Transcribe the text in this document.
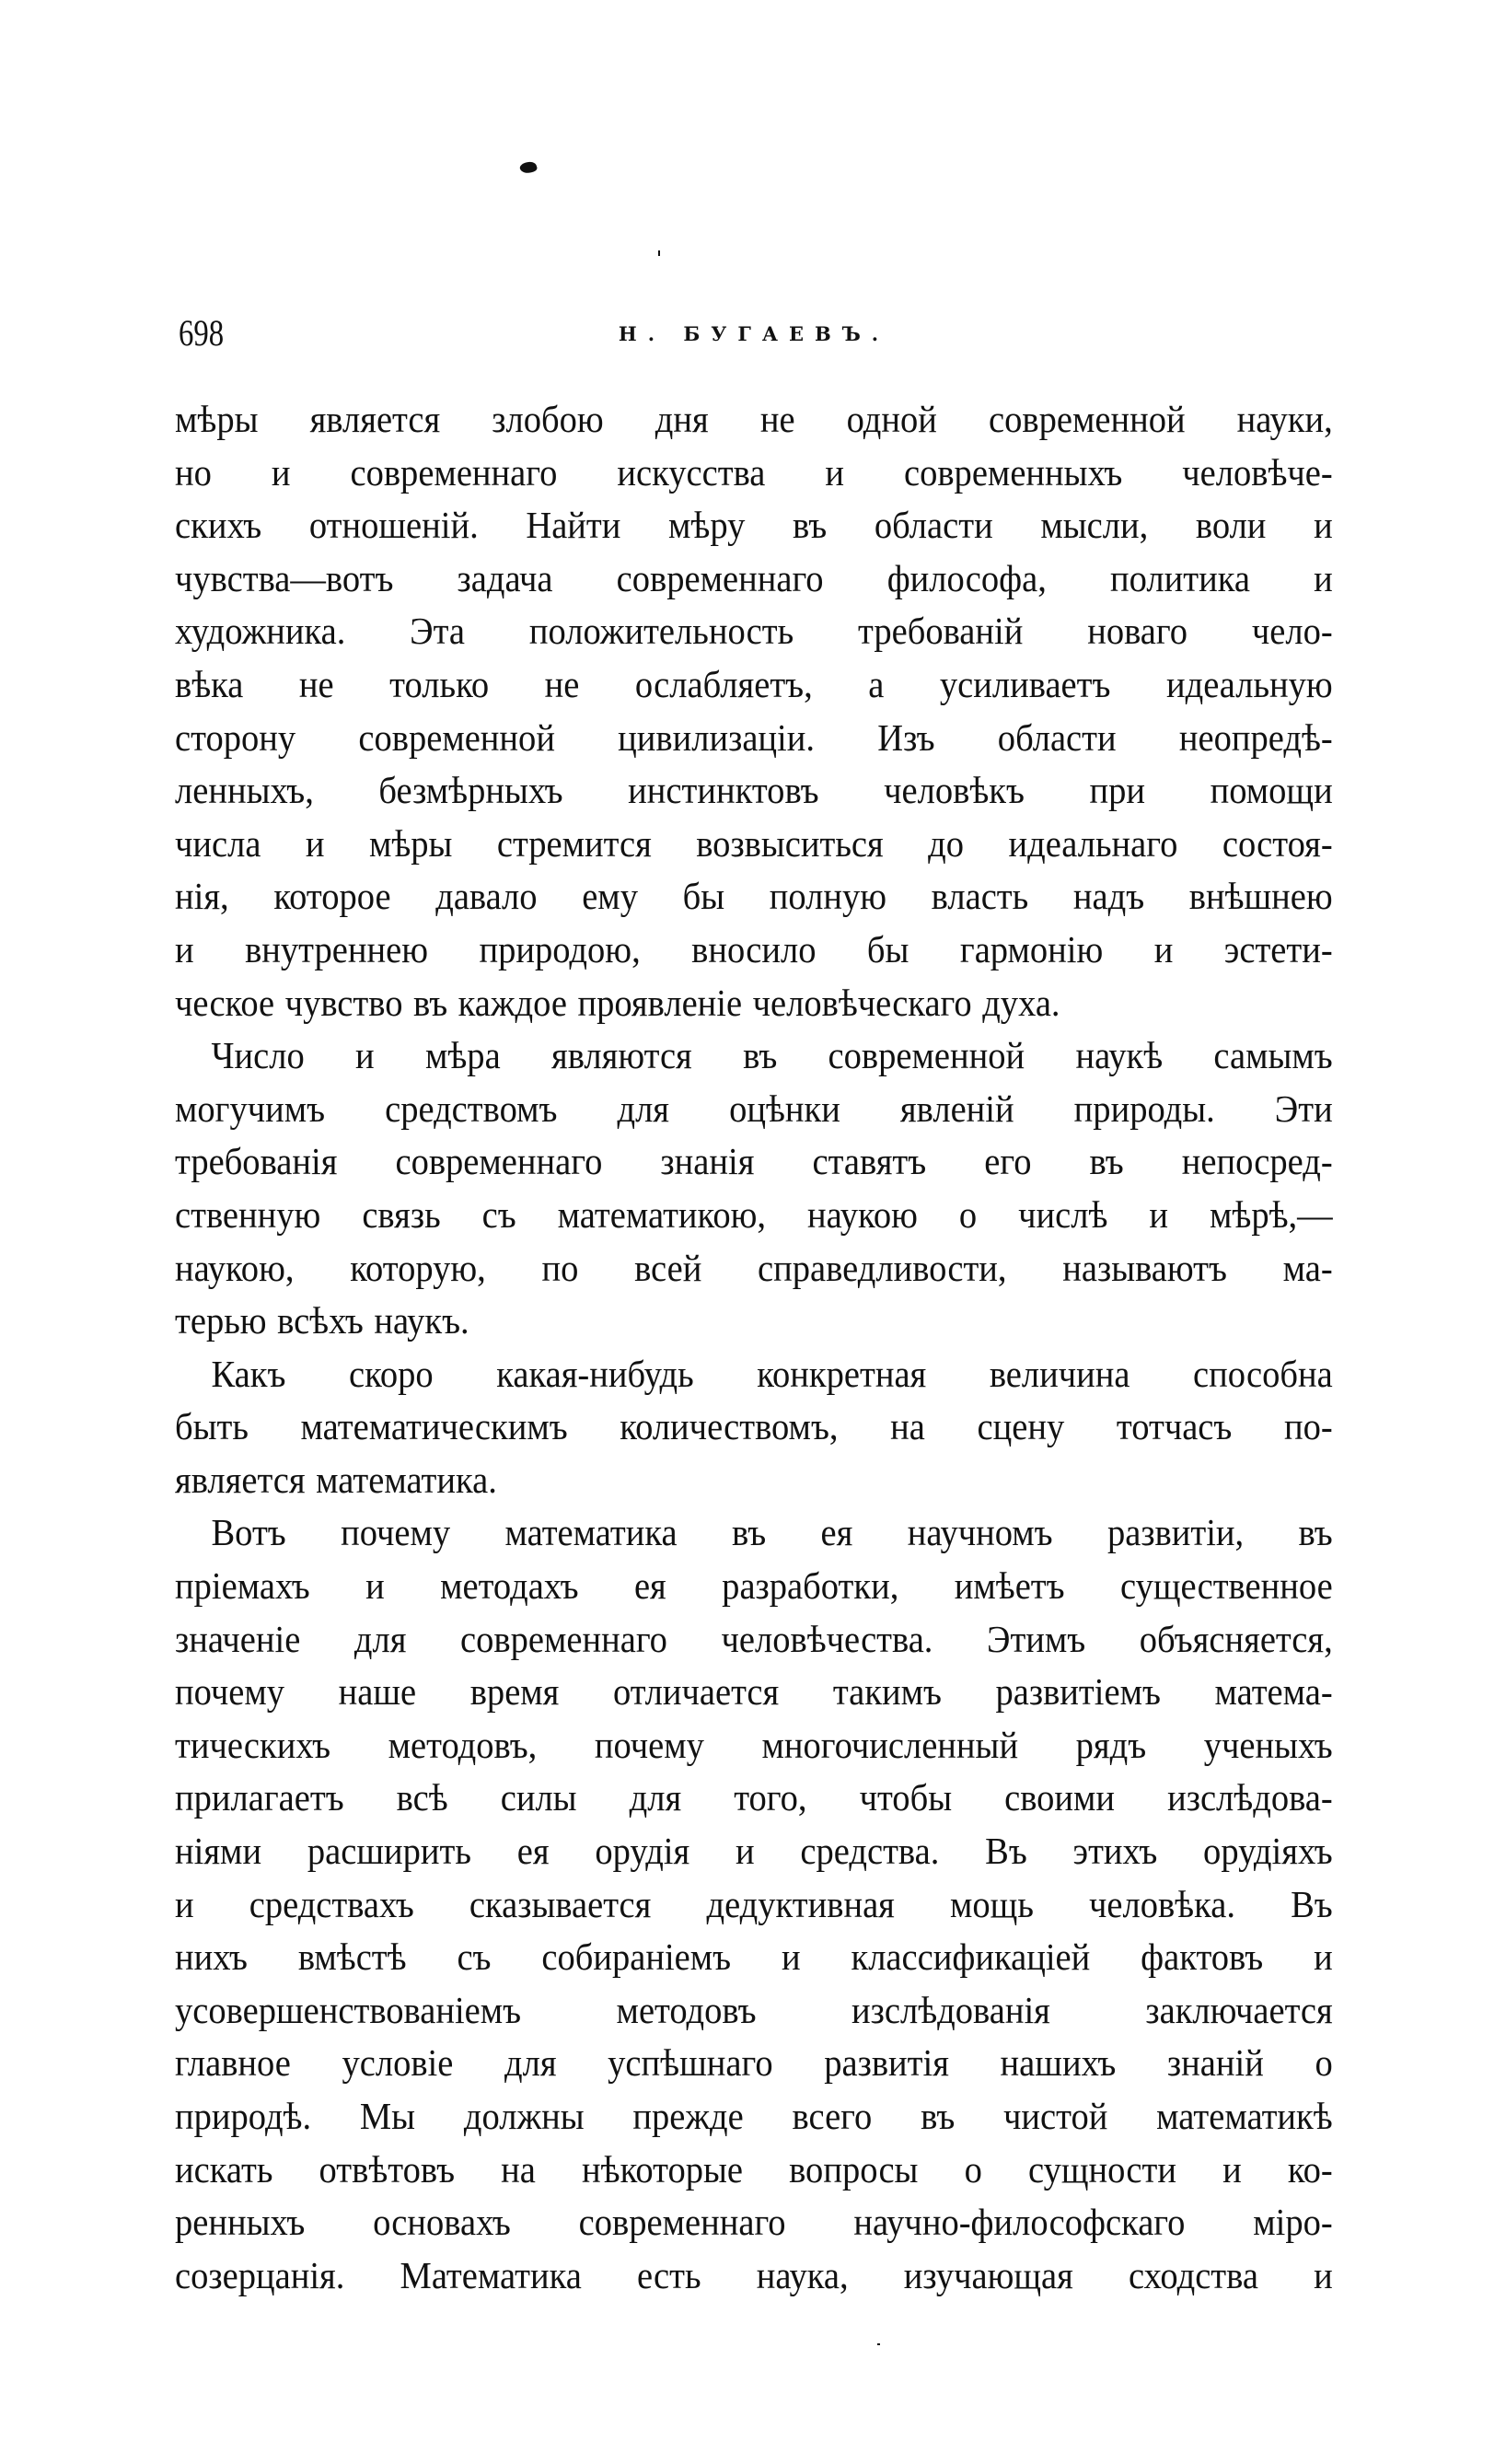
698	Н. БУГАЕВЪ.
мѣры является злобою дня не одной современной науки,
но и современнаго искусства и современныхъ человѣче-
скихъ отношеній. Найти мѣру въ области мысли, воли и
чувства—вотъ задача современнаго философа, политика и
художника. Эта положительность требованій новаго чело-
вѣка не только не ослабляетъ, а усиливаетъ идеальную
сторону современной цивилизаціи. Изъ области неопредѣ-
ленныхъ, безмѣрныхъ инстинктовъ человѣкъ при помощи
числа и мѣры стремится возвыситься до идеальнаго состоя-
нія, которое давало ему бы полную власть надъ внѣшнею
и внутреннею природою, вносило бы гармонію и эстети-
ческое чувство въ каждое проявленіе человѣческаго духа.
Число и мѣра являются въ современной наукѣ самымъ
могучимъ средствомъ для оцѣнки явленій природы. Эти
требованія современнаго знанія ставятъ его въ непосред-
ственную связь съ математикою, наукою о числѣ и мѣрѣ,—
наукою, которую, по всей справедливости, называютъ ма-
терью всѣхъ наукъ.
Какъ скоро какая-нибудь конкретная величина способна
быть математическимъ количествомъ, на сцену тотчасъ по-
является математика.
Вотъ почему математика въ ея научномъ развитіи, въ
пріемахъ и методахъ ея разработки, имѣетъ существенное
значеніе для современнаго человѣчества. Этимъ объясняется,
почему наше время отличается такимъ развитіемъ матема-
тическихъ методовъ, почему многочисленный рядъ ученыхъ
прилагаетъ всѣ силы для того, чтобы своими изслѣдова-
ніями расширить ея орудія и средства. Въ этихъ орудіяхъ
и средствахъ сказывается дедуктивная мощь человѣка. Въ
нихъ вмѣстѣ съ собираніемъ и классификаціей фактовъ и
усовершенствованіемъ методовъ изслѣдованія заключается
главное условіе для успѣшнаго развитія нашихъ знаній о
природѣ. Мы должны прежде всего въ чистой математикѣ
искать отвѣтовъ на нѣкоторые вопросы о сущности и ко-
ренныхъ основахъ современнаго научно-философскаго міро-
созерцанія. Математика есть наука, изучающая сходства и
